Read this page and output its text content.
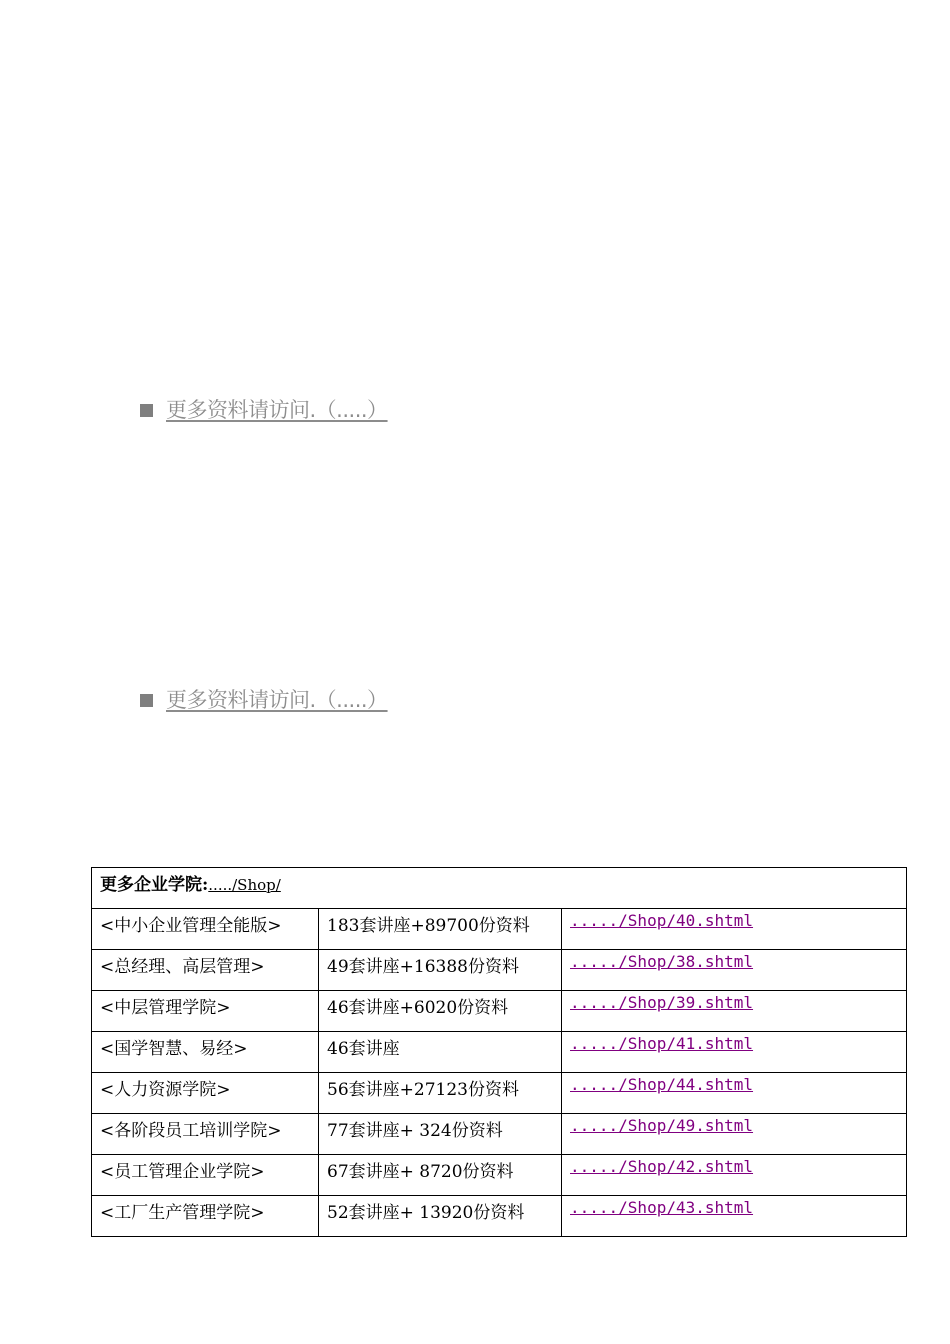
更多资料请访问.（.....）
更多资料请访问.（.....）
更多企业学院:...../Shop/		
<中小企业管理全能版>	183套讲座+89700份资料	...../Shop/40.shtml
<总经理、高层管理>	49套讲座+16388份资料	...../Shop/38.shtml
<中层管理学院>	46套讲座+6020份资料	...../Shop/39.shtml
<国学智慧、易经>	46套讲座	...../Shop/41.shtml
<人力资源学院>	56套讲座+27123份资料	...../Shop/44.shtml
<各阶段员工培训学院>	77套讲座+ 324份资料	...../Shop/49.shtml
<员工管理企业学院>	67套讲座+ 8720份资料	...../Shop/42.shtml
<工厂生产管理学院>	52套讲座+ 13920份资料	...../Shop/43.shtml
